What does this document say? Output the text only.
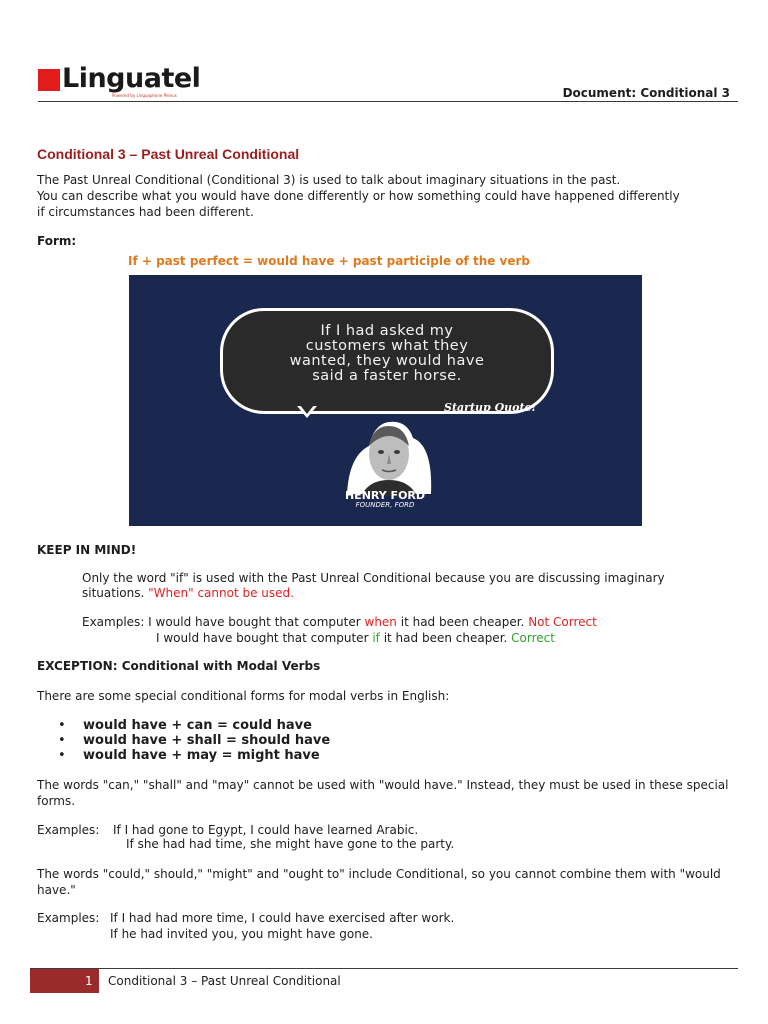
Linguatel
Powered by Linguaphone Plenus	Document: Conditional 3
Conditional 3 – Past Unreal Conditional
The Past Unreal Conditional (Conditional 3) is used to talk about imaginary situations in the past.
You can describe what you would have done differently or how something could have happened differently
if circumstances had been different.
Form:
If + past perfect = would have + past participle of the verb
If I had asked my
customers what they
wanted, they would have
said a faster horse.
Startup Quote!
HENRY FORD
FOUNDER, FORD
KEEP IN MIND!
Only the word "if" is used with the Past Unreal Conditional because you are discussing imaginary
situations. "When" cannot be used.
Examples: I would have bought that computer when it had been cheaper. Not Correct
I would have bought that computer if it had been cheaper. Correct
EXCEPTION: Conditional with Modal Verbs
There are some special conditional forms for modal verbs in English:
• would have + can = could have
• would have + shall = should have
• would have + may = might have
The words "can," "shall" and "may" cannot be used with "would have." Instead, they must be used in these special forms.
Examples: If I had gone to Egypt, I could have learned Arabic.
If she had had time, she might have gone to the party.
The words "could," should," "might" and "ought to" include Conditional, so you cannot combine them with "would have."
Examples: If I had had more time, I could have exercised after work.
If he had invited you, you might have gone.
1 Conditional 3 – Past Unreal Conditional
